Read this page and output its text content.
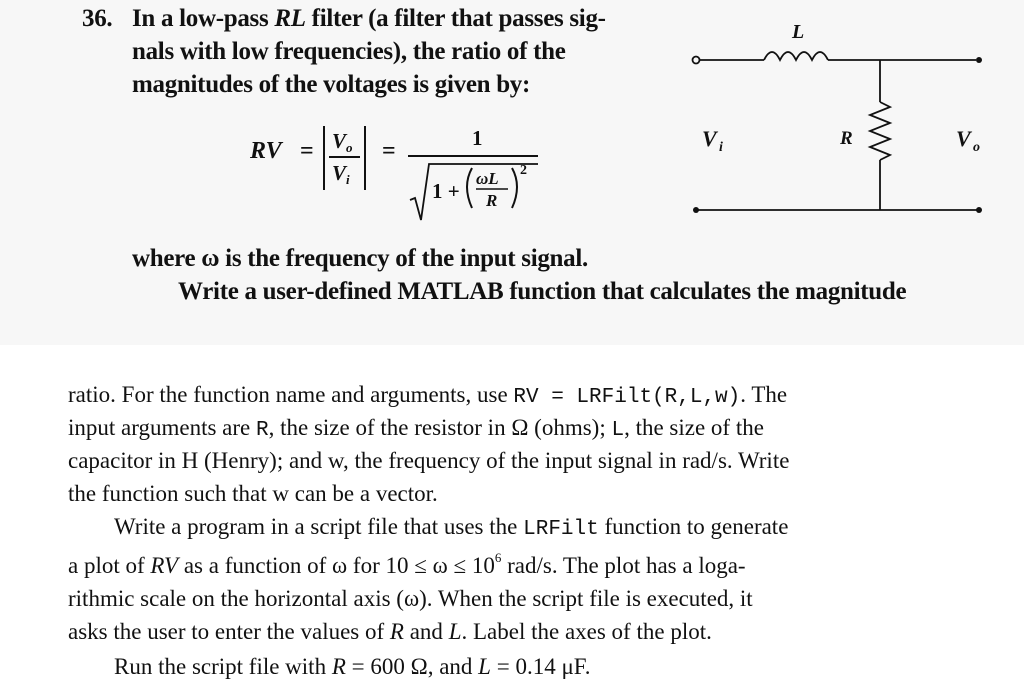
36. In a low-pass RL filter (a filter that passes sig-
nals with low frequencies), the ratio of the
magnitudes of the voltages is given by:
RV = V o
V i
=	1
1 +
ωL
R
2
L
R
V i	V o
where ω is the frequency of the input signal.
Write a user-defined MATLAB function that calculates the magnitude
ratio. For the function name and arguments, use RV = LRFilt(R,L,w). The
input arguments are R, the size of the resistor in Ω (ohms); L, the size of the
capacitor in H (Henry); and w, the frequency of the input signal in rad/s. Write
the function such that w can be a vector.
Write a program in a script file that uses the LRFilt function to generate
a plot of RV as a function of ω for $10 \le \omega \le 10^6$ rad/s. The plot has a loga-
rithmic scale on the horizontal axis (ω). When the script file is executed, it
asks the user to enter the values of R and L. Label the axes of the plot.
Run the script file with R = 600 Ω, and L = 0.14 μF.
